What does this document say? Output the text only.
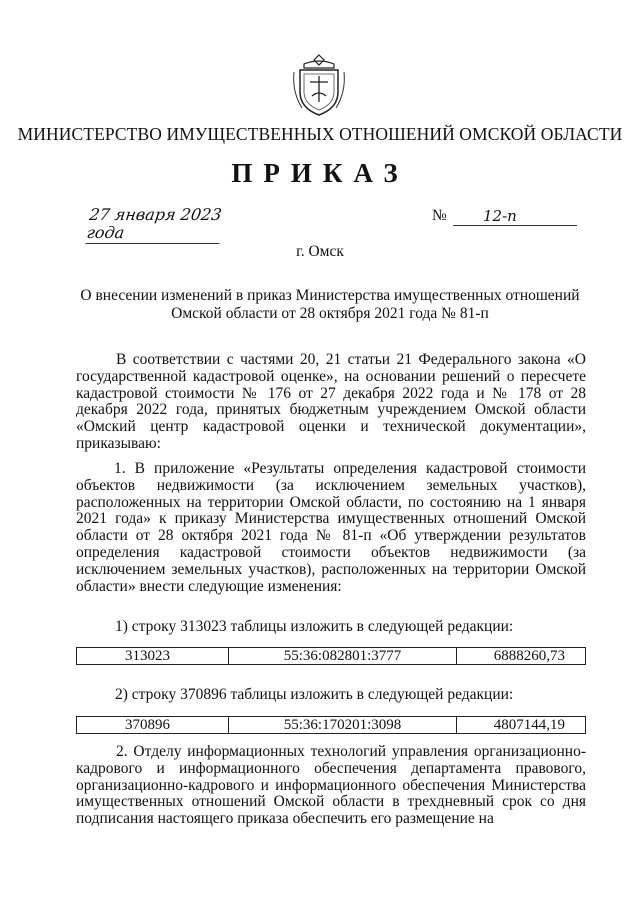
МИНИСТЕРСТВО ИМУЩЕСТВЕННЫХ ОТНОШЕНИЙ ОМСКОЙ ОБЛАСТИ
ПРИКАЗ
27 января 2023 года
№	12-п
г. Омск
О внесении изменений в приказ Министерства имущественных отношений Омской области от 28 октября 2021 года № 81-п
В соответствии с частями 20, 21 статьи 21 Федерального закона «О государственной кадастровой оценке», на основании решений о пересчете кадастровой стоимости № 176 от 27 декабря 2022 года и № 178 от 28 декабря 2022 года, принятых бюджетным учреждением Омской области «Омский центр кадастровой оценки и технической документации», приказываю:
1. В приложение «Результаты определения кадастровой стоимости объектов недвижимости (за исключением земельных участков), расположенных на территории Омской области, по состоянию на 1 января 2021 года» к приказу Министерства имущественных отношений Омской области от 28 октября 2021 года № 81-п «Об утверждении результатов определения кадастровой стоимости объектов недвижимости (за исключением земельных участков), расположенных на территории Омской области» внести следующие изменения:
1) строку 313023 таблицы изложить в следующей редакции:
313023	55:36:082801:3777	6888260,73
2) строку 370896 таблицы изложить в следующей редакции:
370896	55:36:170201:3098	4807144,19
2. Отделу информационных технологий управления организационно-кадрового и информационного обеспечения департамента правового, организационно-кадрового и информационного обеспечения Министерства имущественных отношений Омской области в трехдневный срок со дня подписания настоящего приказа обеспечить его размещение на
